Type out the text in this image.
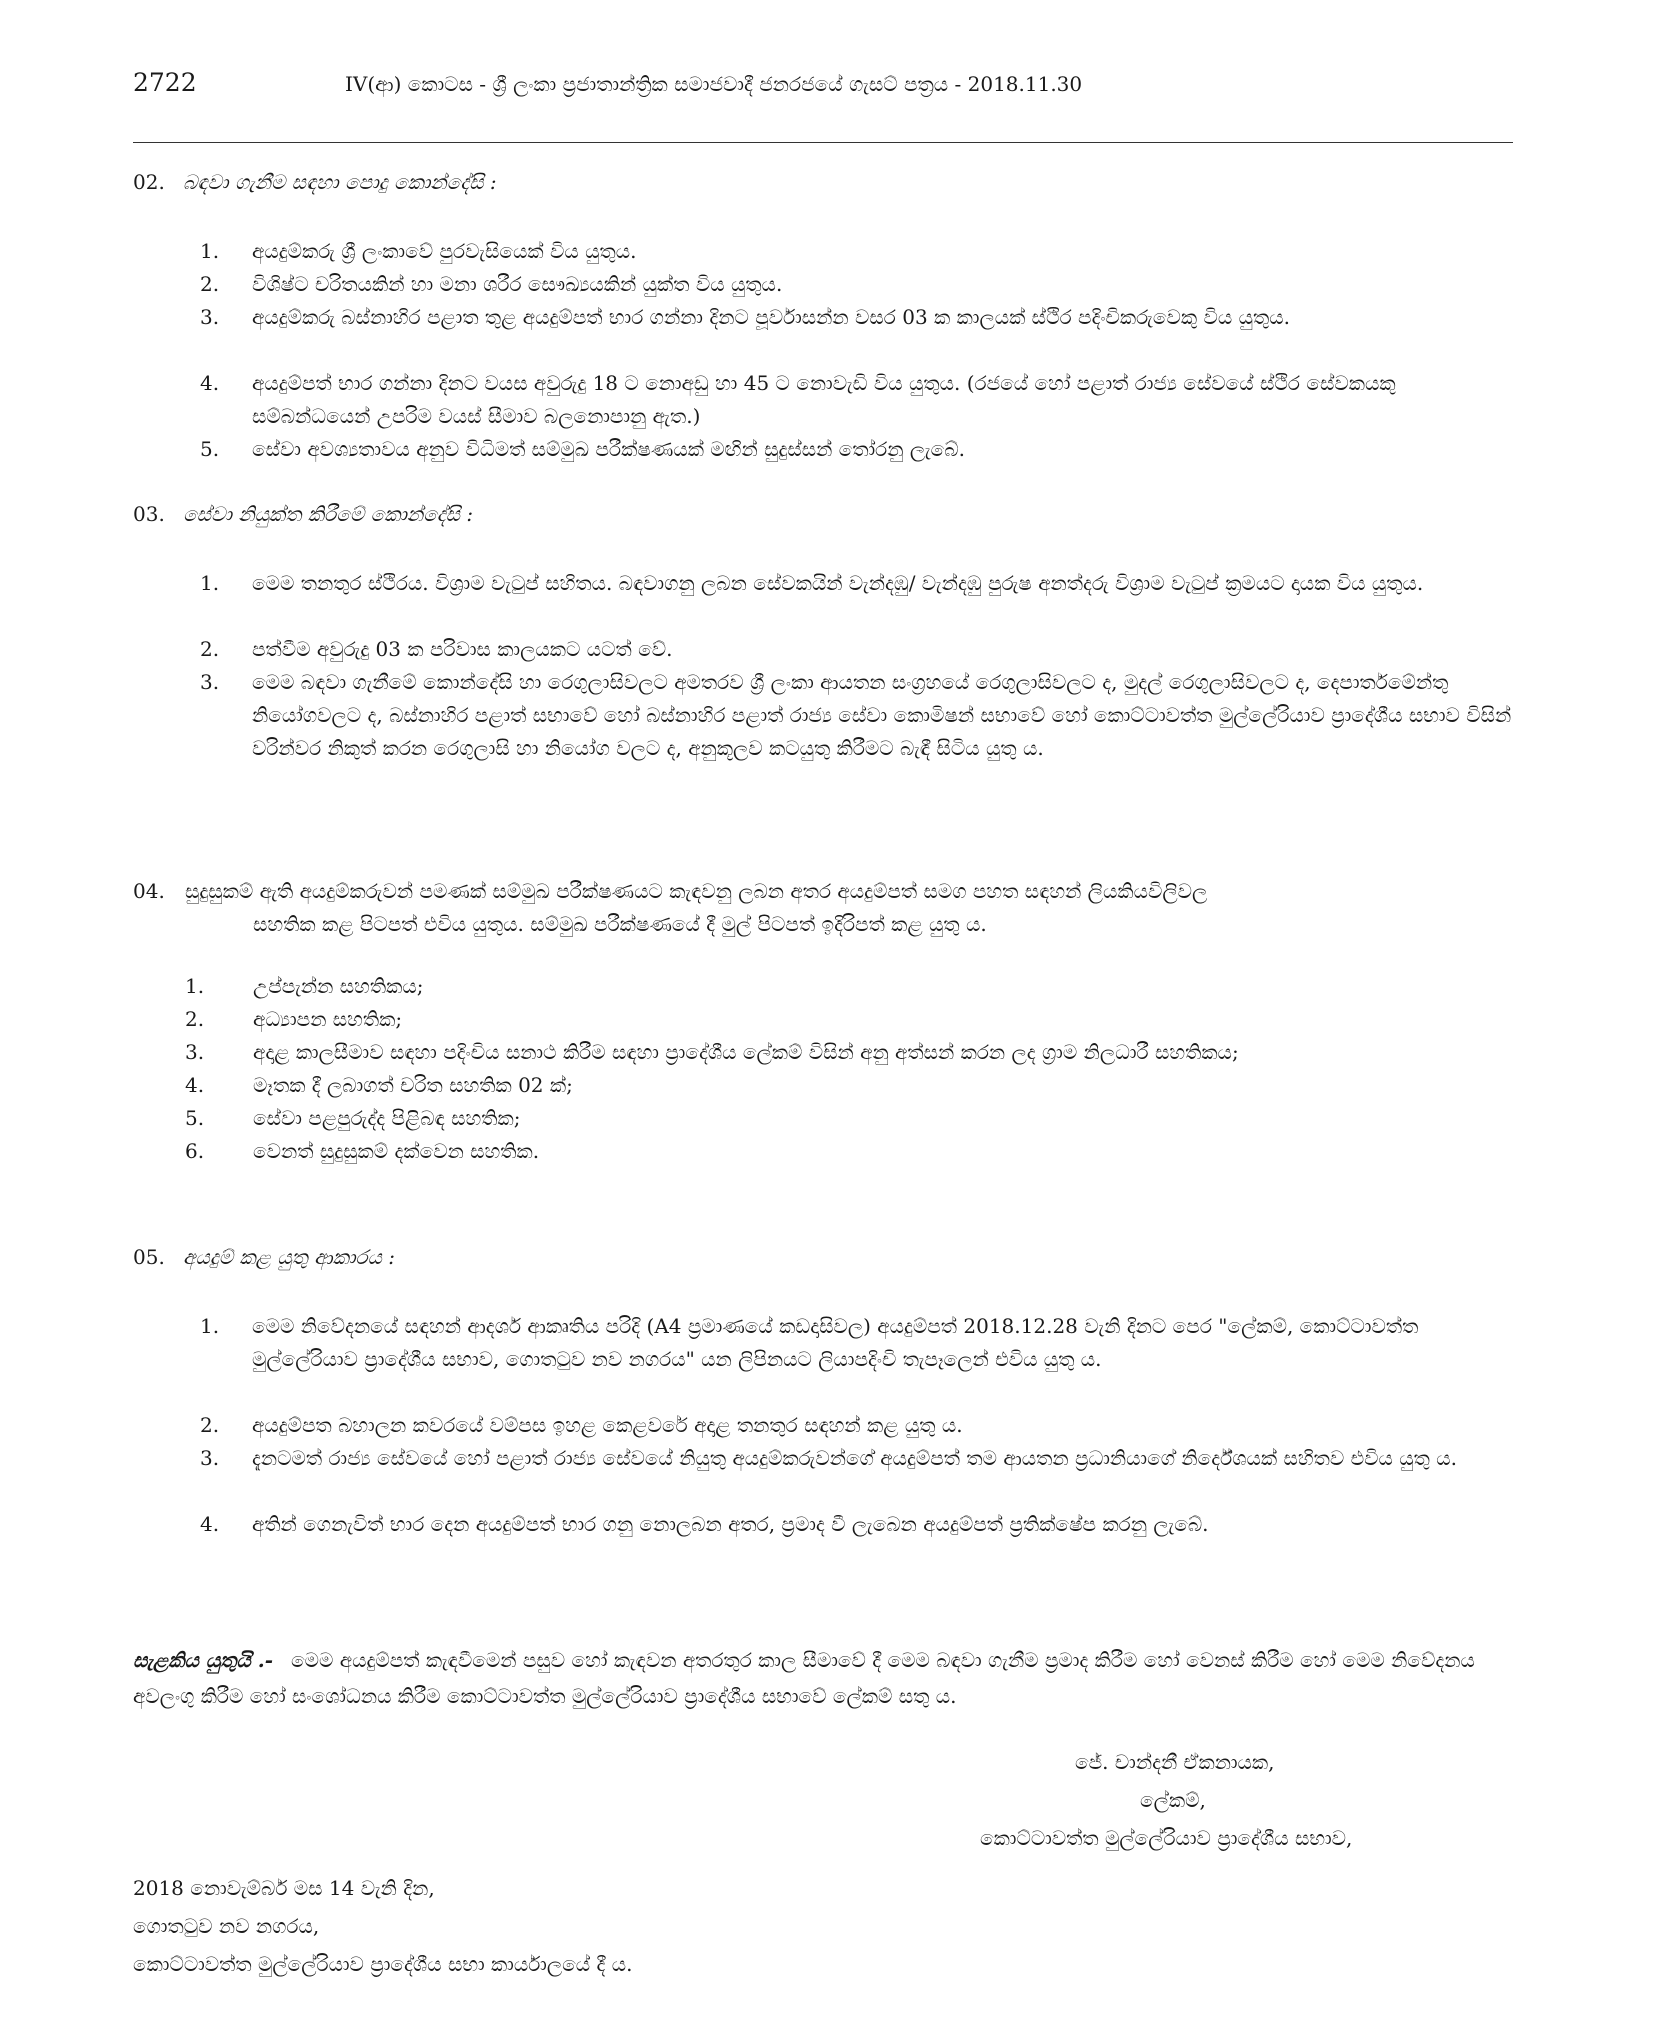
2722	IV(ආ) කොටස - ශ්‍රී ලංකා ප්‍රජාතාන්ත්‍රික සමාජවාදී ජනරජයේ ගැසට් පත්‍රය - 2018.11.30
02. බඳවා ගැනීම සඳහා පොදු කොන්දේසි :
1. අයදුම්කරු ශ්‍රී ලංකාවේ පුරවැසියෙක් විය යුතුය.
2. විශිෂ්ට චරිතයකින් හා මනා ශරීර සෞඛ්‍යයකින් යුක්ත විය යුතුය.
3. අයදුම්කරු බස්නාහිර පළාත තුළ අයදුම්පත් භාර ගන්නා දිනට පූර්වාසන්න වසර 03 ක කාලයක් ස්ථිර පදිංචිකරුවෙකු විය යුතුය.
4. අයදුම්පත් භාර ගන්නා දිනට වයස අවුරුදු 18 ට නොඅඩු හා 45 ට නොවැඩි විය යුතුය. (රජයේ හෝ පළාත් රාජ්‍ය සේවයේ ස්ථිර සේවකයකු සම්බන්ධයෙන් උපරිම වයස් සීමාව බලනොපානු ඇත.)
5. සේවා අවශ්‍යතාවය අනුව විධිමත් සම්මුඛ පරීක්ෂණයක් මඟින් සුදුස්සන් තෝරනු ලැබේ.
03. සේවා නියුක්ත කිරීමේ කොන්දේසි :
1. මෙම තනතුර ස්ථිරය. විශ්‍රාම වැටුප් සහිතය. බඳවාගනු ලබන සේවකයින් වැන්දඹු/ වැන්දඹු පුරුෂ අනත්දරු විශ්‍රාම වැටුප් ක්‍රමයට දායක විය යුතුය.
2. පත්වීම අවුරුදු 03 ක පරිවාස කාලයකට යටත් වේ.
3. මෙම බඳවා ගැනීමේ කොන්දේසි හා රෙගුලාසිවලට අමතරව ශ්‍රී ලංකා ආයතන සංග්‍රහයේ රෙගුලාසිවලට ද, මුදල් රෙගුලාසිවලට ද, දෙපාර්තමේන්තු නියෝගවලට ද, බස්නාහිර පළාත් සභාවේ හෝ බස්නාහිර පළාත් රාජ්‍ය සේවා කොමිෂන් සභාවේ හෝ කොට්ටාවත්ත මුල්ලේරියාව ප්‍රාදේශීය සභාව විසින් වරින්වර නිකුත් කරන රෙගුලාසි හා නියෝග වලට ද, අනුකූලව කටයුතු කිරීමට බැඳී සිටිය යුතු ය.
04. සුදුසුකම් ඇති අයදුම්කරුවන් පමණක් සම්මුඛ පරීක්ෂණයට කැඳවනු ලබන අතර අයදුම්පත් සමග පහත සඳහන් ලියකියවිලිවල
සහතික කළ පිටපත් එවිය යුතුය. සම්මුඛ පරීක්ෂණයේ දී මුල් පිටපත් ඉදිරිපත් කළ යුතු ය.
1. උප්පැන්න සහතිකය;
2. අධ්‍යාපන සහතික;
3. අදාළ කාලසීමාව සඳහා පදිංචිය සනාථ කිරීම සඳහා ප්‍රාදේශීය ලේකම් විසින් අනු අත්සන් කරන ලද ග්‍රාම නිලධාරී සහතිකය;
4. මෑතක දී ලබාගත් චරිත සහතික 02 ක්;
5. සේවා පළපුරුද්ද පිළිබඳ සහතික;
6. වෙනත් සුදුසුකම් දක්වෙන සහතික.
05. අයදුම් කළ යුතු ආකාරය :
1. මෙම නිවේදනයේ සඳහන් ආදර්ශ ආකෘතිය පරිදි (A4 ප්‍රමාණයේ කඩදාසිවල) අයදුම්පත් 2018.12.28 වැනි දිනට පෙර "ලේකම්, කොට්ටාවත්ත මුල්ලේරියාව ප්‍රාදේශීය සභාව, ගොතටුව නව නගරය" යන ලිපිනයට ලියාපදිංචි තැපෑලෙන් එවිය යුතු ය.
2. අයදුම්පත බහාලන කවරයේ වම්පස ඉහළ කෙළවරේ අදාළ තනතුර සඳහන් කළ යුතු ය.
3. දැනටමත් රාජ්‍ය සේවයේ හෝ පළාත් රාජ්‍ය සේවයේ නියුතු අයදුම්කරුවන්ගේ අයදුම්පත් තම ආයතන ප්‍රධානියාගේ නිර්දේශයක් සහිතව එවිය යුතු ය.
4. අතින් ගෙනැවිත් භාර දෙන අයදුම්පත් භාර ගනු නොලබන අතර, ප්‍රමාද වී ලැබෙන අයදුම්පත් ප්‍රතික්ෂේප කරනු ලැබේ.
සැළකිය යුතුයි .- මෙම අයදුම්පත් කැඳවීමෙන් පසුව හෝ කැඳවන අතරතුර කාල සීමාවේ දී මෙම බඳවා ගැනීම ප්‍රමාද කිරීම හෝ වෙනස් කිරීම හෝ මෙම නිවේදනය අවලංගු කිරීම හෝ සංශෝධනය කිරීම කොට්ටාවත්ත මුල්ලේරියාව ප්‍රාදේශීය සභාවේ ලේකම් සතු ය.
ජේ. චාන්දනී ඒකනායක,
ලේකම්,
කොට්ටාවත්ත මුල්ලේරියාව ප්‍රාදේශීය සභාව,
2018 නොවැම්බර් මස 14 වැනි දින,
ගොතටුව නව නගරය,
කොට්ටාවත්ත මුල්ලේරියාව ප්‍රාදේශීය සභා කාර්යාලයේ දී ය.
